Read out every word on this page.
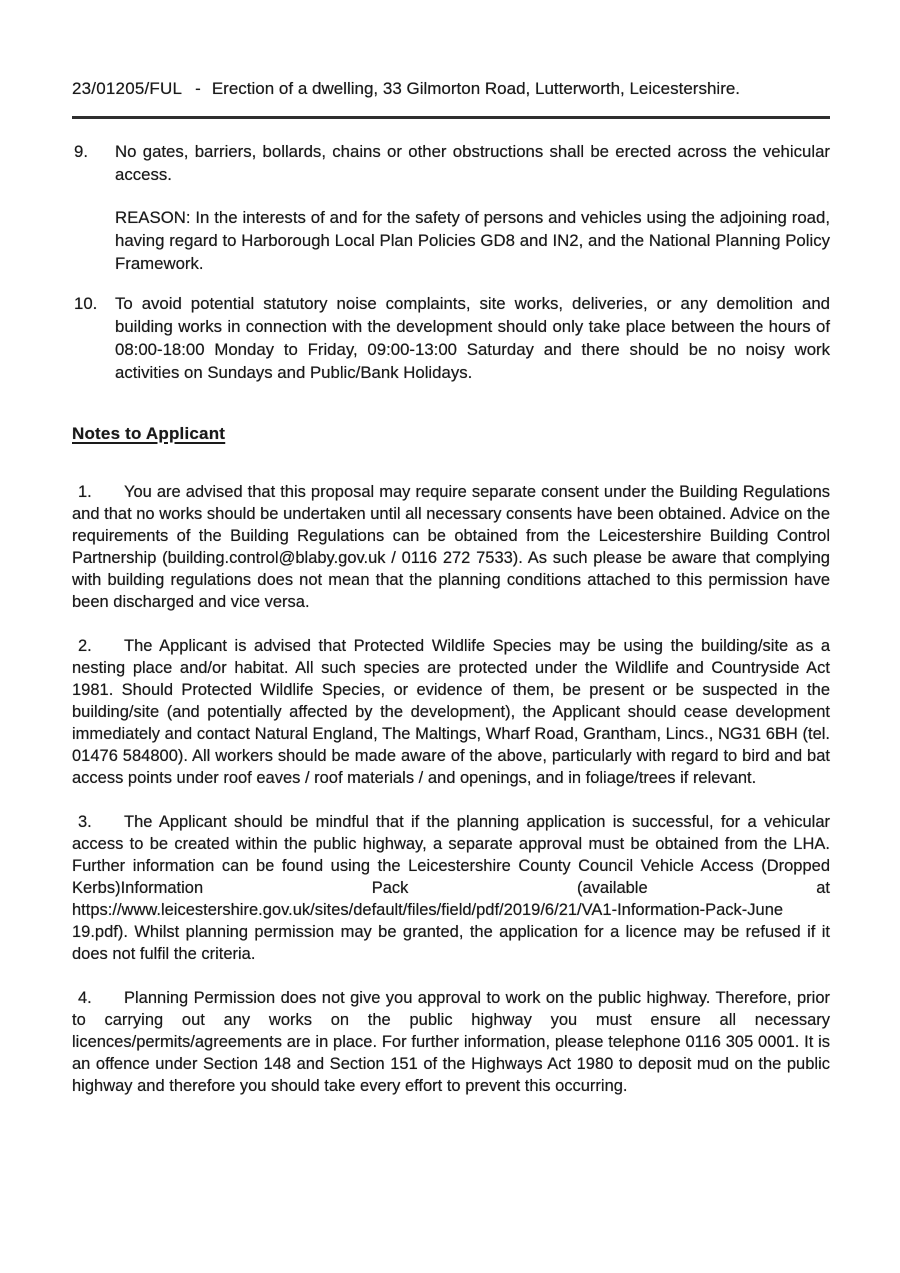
23/01205/FUL - Erection of a dwelling, 33 Gilmorton Road, Lutterworth, Leicestershire.
9. No gates, barriers, bollards, chains or other obstructions shall be erected across the vehicular access.
REASON: In the interests of and for the safety of persons and vehicles using the adjoining road, having regard to Harborough Local Plan Policies GD8 and IN2, and the National Planning Policy Framework.
10. To avoid potential statutory noise complaints, site works, deliveries, or any demolition and building works in connection with the development should only take place between the hours of 08:00-18:00 Monday to Friday, 09:00-13:00 Saturday and there should be no noisy work activities on Sundays and Public/Bank Holidays.
Notes to Applicant

1. You are advised that this proposal may require separate consent under the Building Regulations and that no works should be undertaken until all necessary consents have been obtained. Advice on the requirements of the Building Regulations can be obtained from the Leicestershire Building Control Partnership (building.control@blaby.gov.uk / 0116 272 7533). As such please be aware that complying with building regulations does not mean that the planning conditions attached to this permission have been discharged and vice versa.

2. The Applicant is advised that Protected Wildlife Species may be using the building/site as a nesting place and/or habitat. All such species are protected under the Wildlife and Countryside Act 1981. Should Protected Wildlife Species, or evidence of them, be present or be suspected in the building/site (and potentially affected by the development), the Applicant should cease development immediately and contact Natural England, The Maltings, Wharf Road, Grantham, Lincs., NG31 6BH (tel. 01476 584800). All workers should be made aware of the above, particularly with regard to bird and bat access points under roof eaves / roof materials / and openings, and in foliage/trees if relevant.

3. The Applicant should be mindful that if the planning application is successful, for a vehicular access to be created within the public highway, a separate approval must be obtained from the LHA. Further information can be found using the Leicestershire County Council Vehicle Access (Dropped Kerbs)Information Pack (available at https://www.leicestershire.gov.uk/sites/default/files/field/pdf/2019/6/21/VA1-Information-Pack-June 19.pdf). Whilst planning permission may be granted, the application for a licence may be refused if it does not fulfil the criteria.

4. Planning Permission does not give you approval to work on the public highway. Therefore, prior to carrying out any works on the public highway you must ensure all necessary licences/permits/agreements are in place. For further information, please telephone 0116 305 0001. It is an offence under Section 148 and Section 151 of the Highways Act 1980 to deposit mud on the public highway and therefore you should take every effort to prevent this occurring.
